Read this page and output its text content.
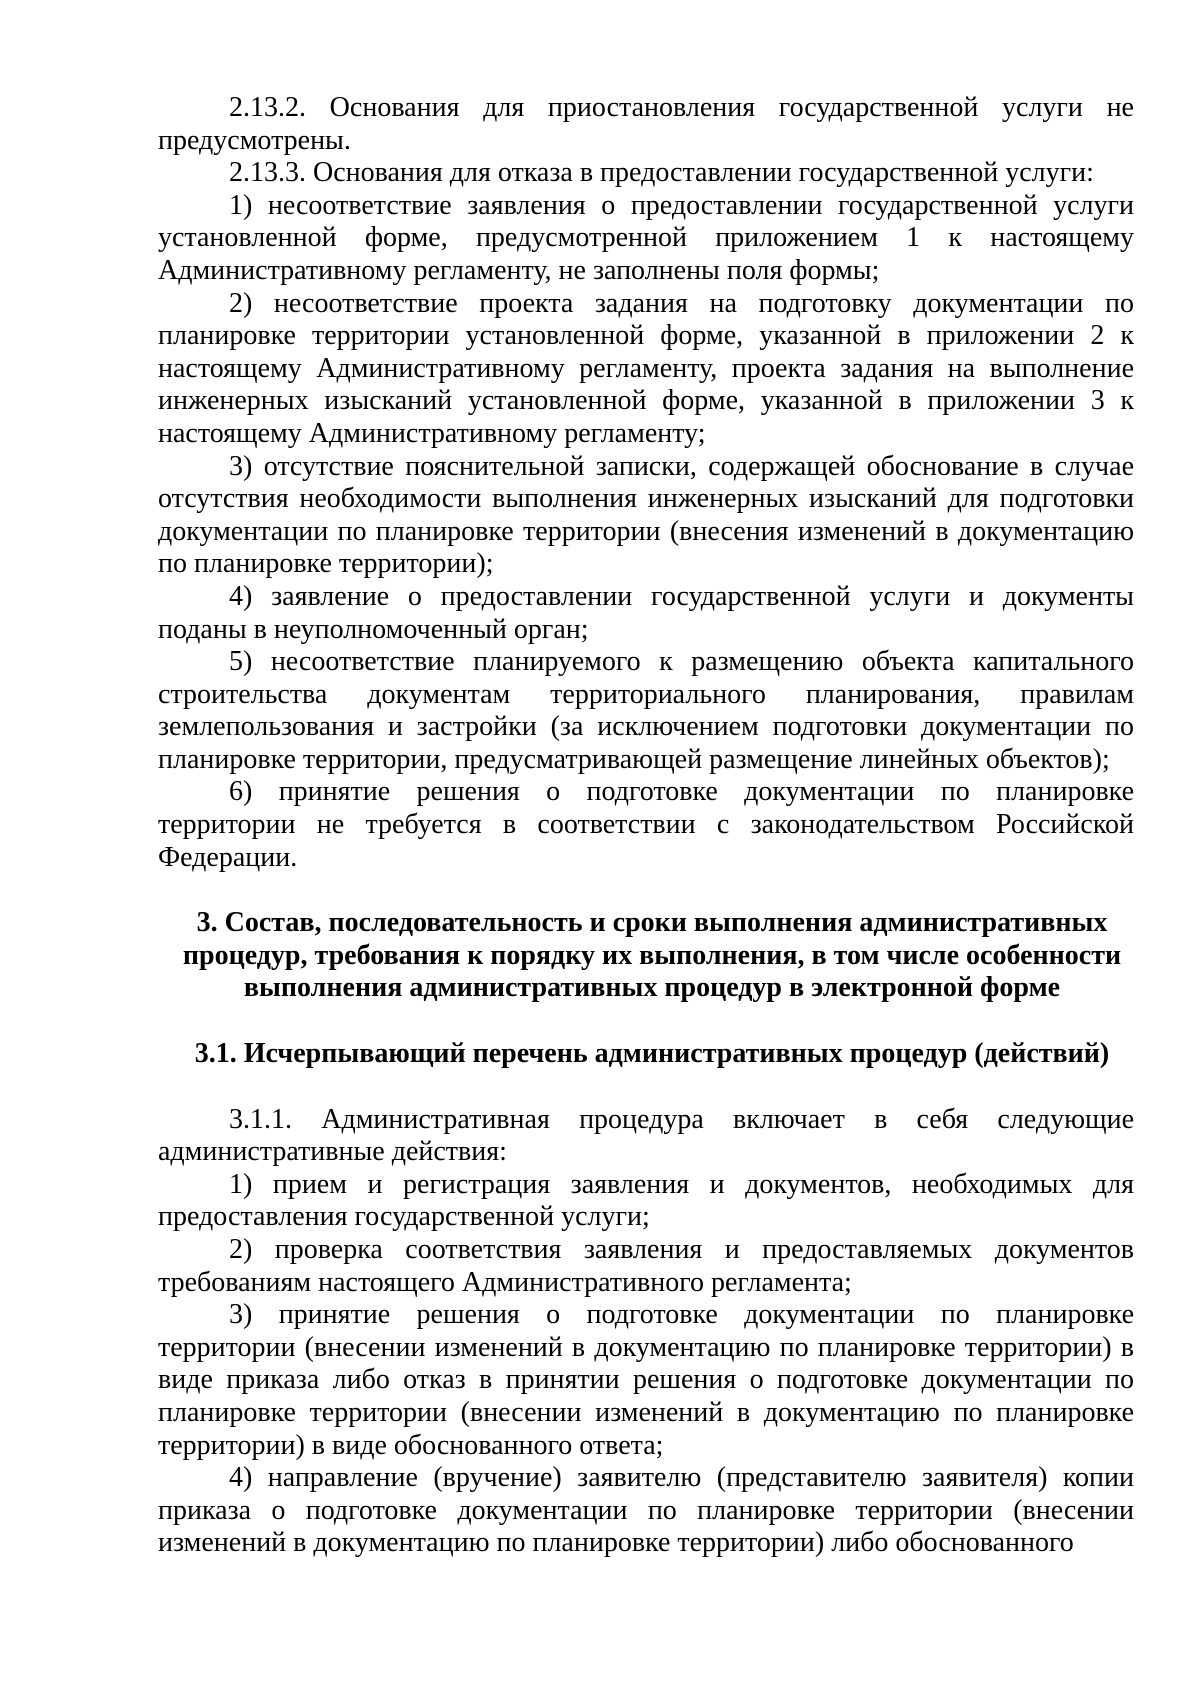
2.13.2. Основания для приостановления государственной услуги не предусмотрены.

2.13.3. Основания для отказа в предоставлении государственной услуги:

1) несоответствие заявления о предоставлении государственной услуги установленной форме, предусмотренной приложением 1 к настоящему Административному регламенту, не заполнены поля формы;

2) несоответствие проекта задания на подготовку документации по планировке территории установленной форме, указанной в приложении 2 к настоящему Административному регламенту, проекта задания на выполнение инженерных изысканий установленной форме, указанной в приложении 3 к настоящему Административному регламенту;

3) отсутствие пояснительной записки, содержащей обоснование в случае отсутствия необходимости выполнения инженерных изысканий для подготовки документации по планировке территории (внесения изменений в документацию по планировке территории);

4) заявление о предоставлении государственной услуги и документы поданы в неуполномоченный орган;

5) несоответствие планируемого к размещению объекта капитального строительства документам территориального планирования, правилам землепользования и застройки (за исключением подготовки документации по планировке территории, предусматривающей размещение линейных объектов);

6) принятие решения о подготовке документации по планировке территории не требуется в соответствии с законодательством Российской Федерации.

3. Состав, последовательность и сроки выполнения административных
процедур, требования к порядку их выполнения, в том числе особенности
выполнения административных процедур в электронной форме

3.1. Исчерпывающий перечень административных процедур (действий)

3.1.1. Административная процедура включает в себя следующие административные действия:

1) прием и регистрация заявления и документов, необходимых для предоставления государственной услуги;

2) проверка соответствия заявления и предоставляемых документов требованиям настоящего Административного регламента;

3) принятие решения о подготовке документации по планировке территории (внесении изменений в документацию по планировке территории) в виде приказа либо отказ в принятии решения о подготовке документации по планировке территории (внесении изменений в документацию по планировке территории) в виде обоснованного ответа;

4) направление (вручение) заявителю (представителю заявителя) копии приказа о подготовке документации по планировке территории (внесении изменений в документацию по планировке территории) либо обоснованного
